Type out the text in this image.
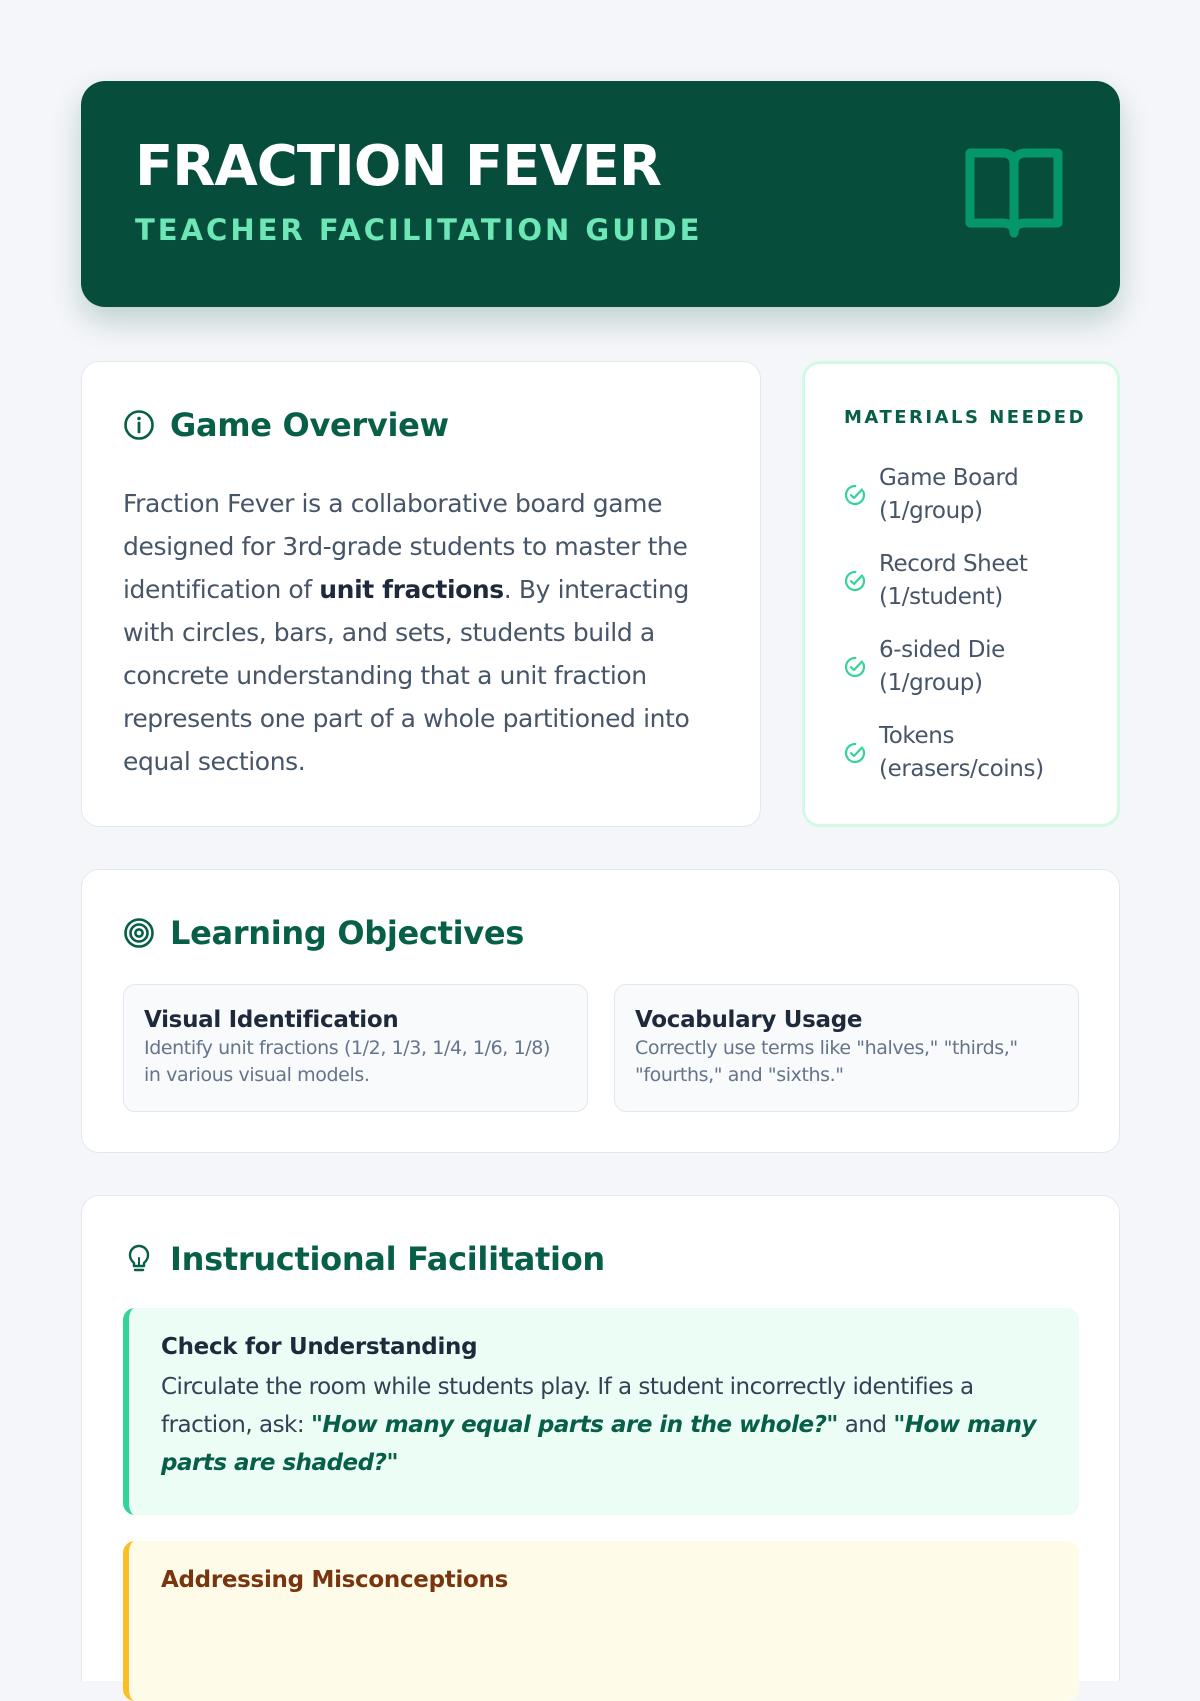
FRACTION FEVER
TEACHER FACILITATION GUIDE
Game Overview

Fraction Fever is a collaborative board game designed for 3rd-grade students to master the identification of unit fractions. By interacting with circles, bars, and sets, students build a concrete understanding that a unit fraction represents one part of a whole partitioned into equal sections.

MATERIALS NEEDED
Game Board (1/group)
Record Sheet (1/student)
6-sided Die (1/group)
Tokens (erasers/coins)
Learning Objectives
Visual Identification

Identify unit fractions (1/2, 1/3, 1/4, 1/6, 1/8) in various visual models.

Vocabulary Usage

Correctly use terms like "halves," "thirds," "fourths," and "sixths."

Instructional Facilitation
Check for Understanding

Circulate the room while students play. If a student incorrectly identifies a fraction, ask: "How many equal parts are in the whole?" and "How many parts are shaded?"

Addressing Misconceptions
